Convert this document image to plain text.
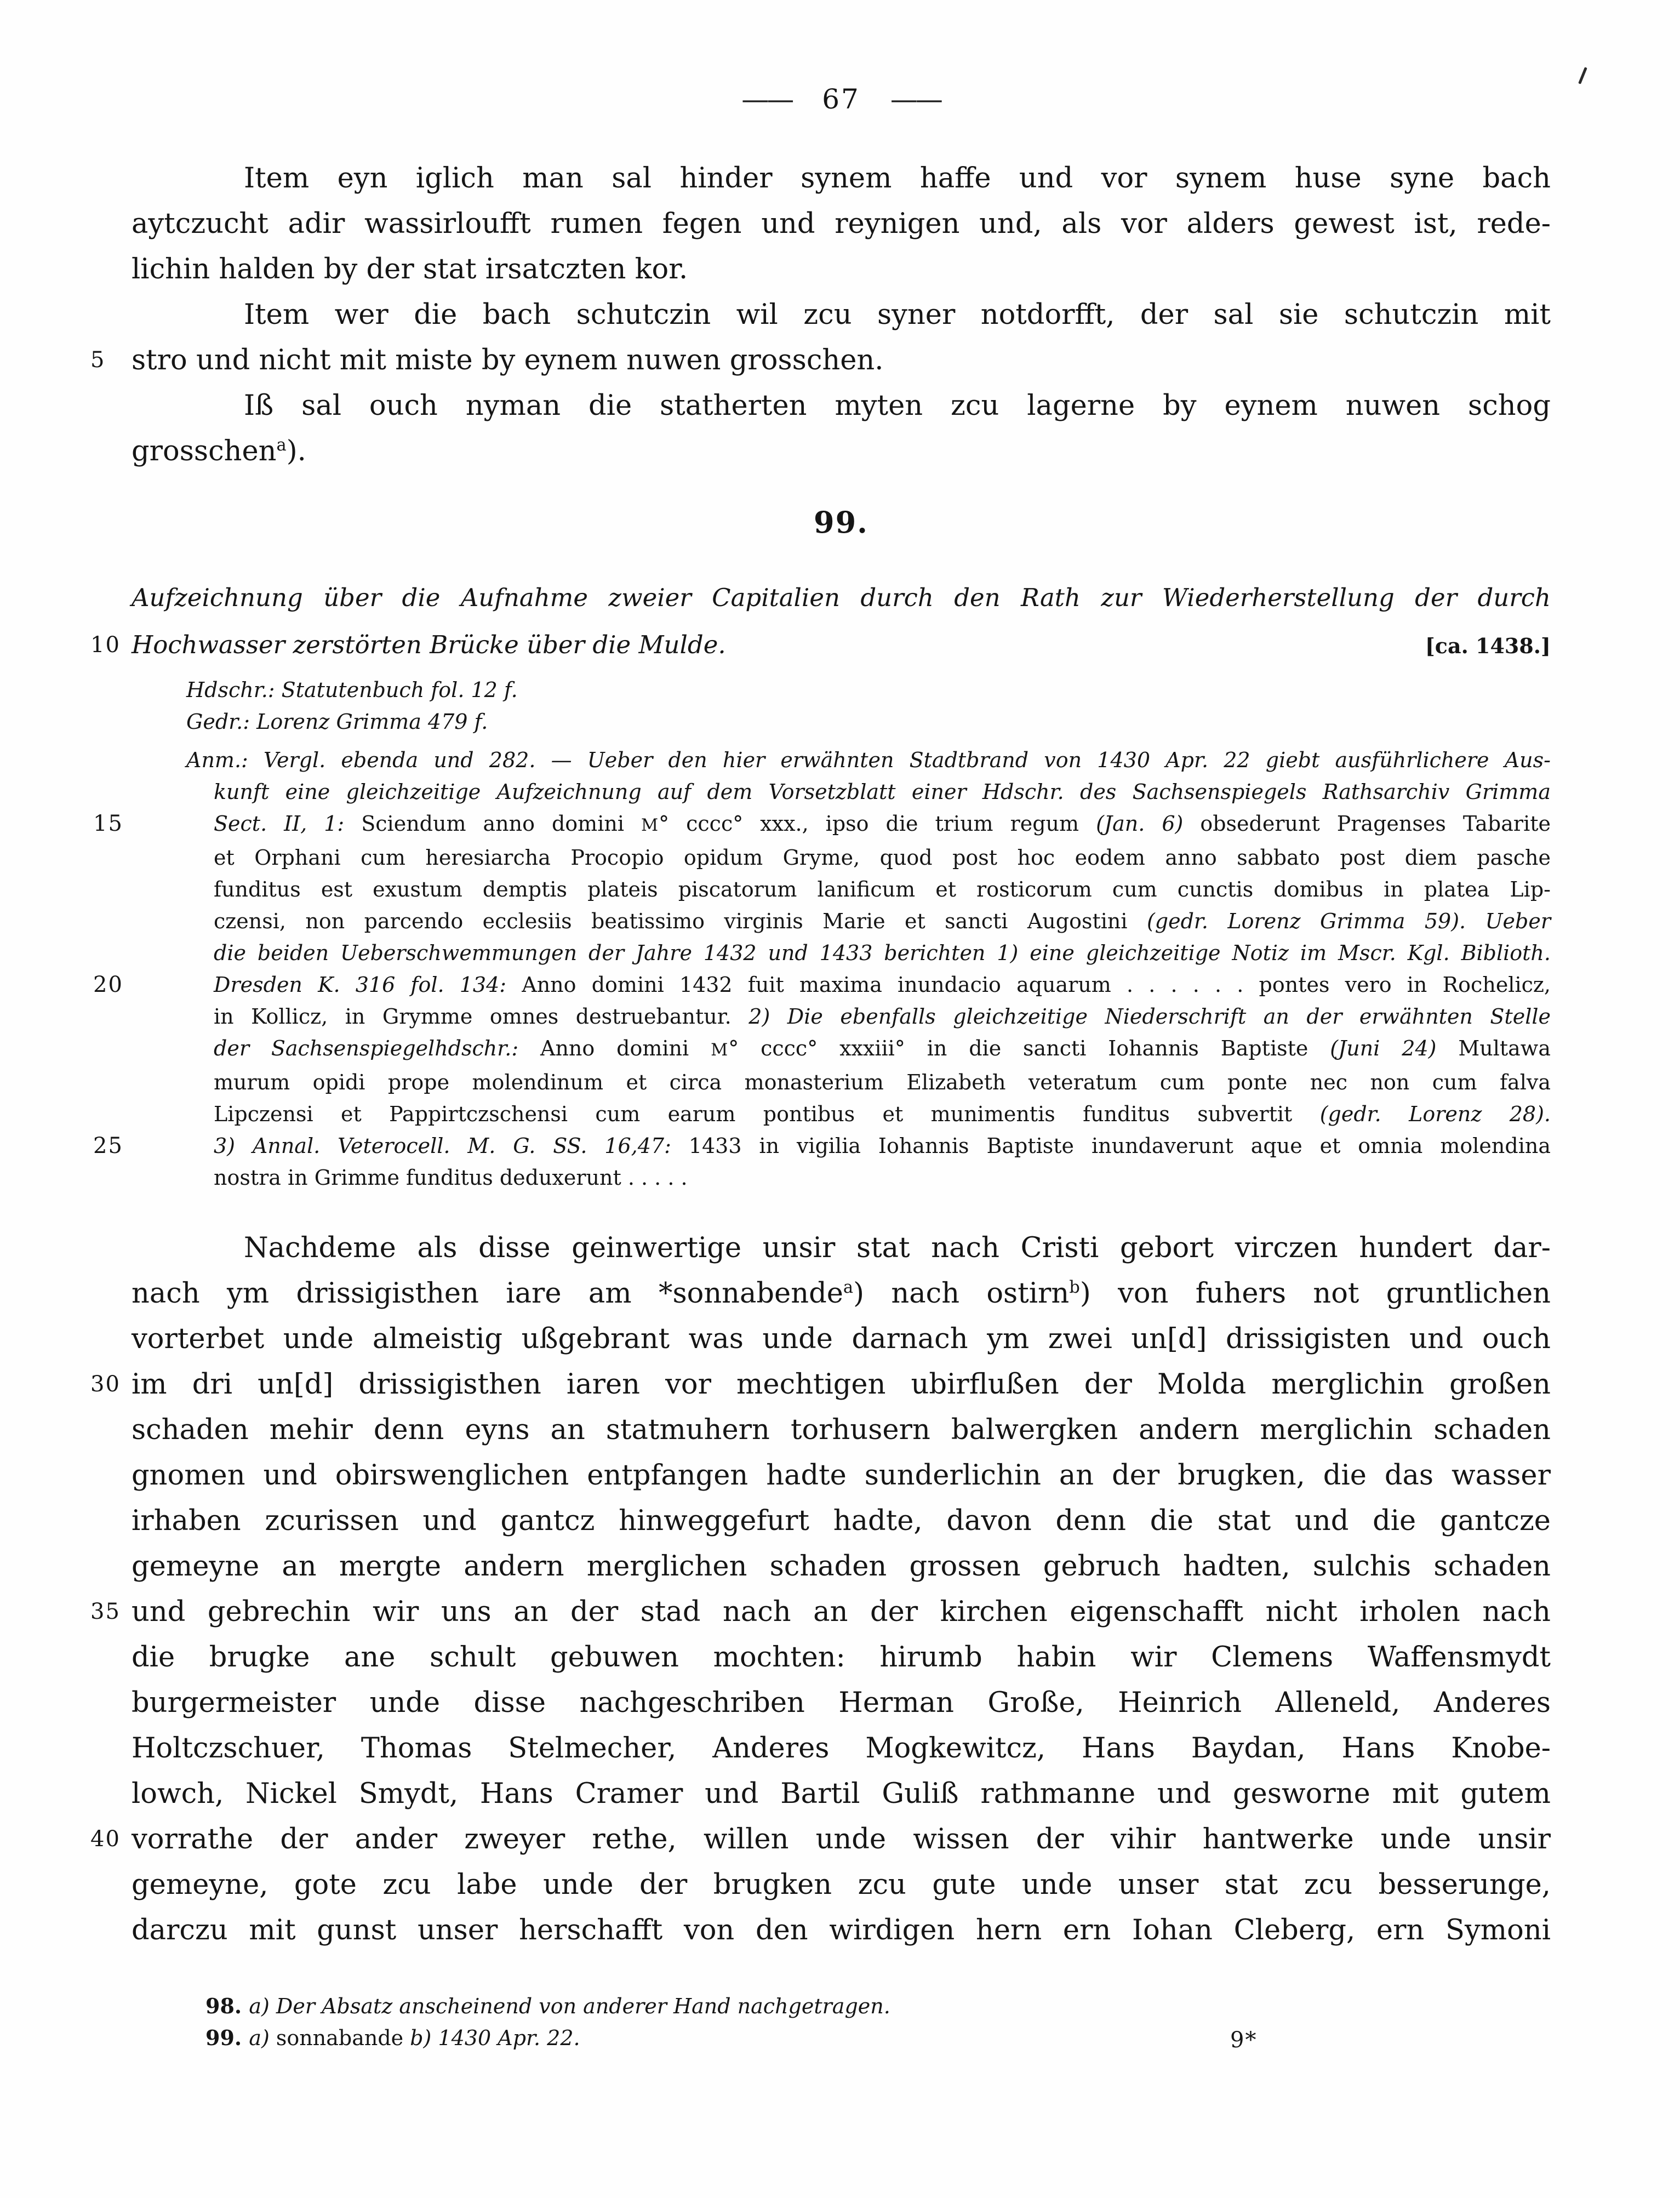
—— 67 ——
Item eyn iglich man sal hinder synem haffe und vor synem huse syne bach
aytczucht adir wassirloufft rumen fegen und reynigen und, als vor alders gewest ist, rede-
lichin halden by der stat irsatczten kor.
Item wer die bach schutczin wil zcu syner notdorfft, der sal sie schutczin mit
5 stro und nicht mit miste by eynem nuwen grosschen.
Iß sal ouch nyman die statherten myten zcu lagerne by eynem nuwen schog
grosschen$^a$).
99.
Aufzeichnung über die Aufnahme zweier Capitalien durch den Rath zur Wiederherstellung der durch
10 Hochwasser zerstörten Brücke über die Mulde.	[ca. 1438.]
Hdschr.: Statutenbuch fol. 12 f.
Gedr.: Lorenz Grimma 479 f.
Anm.: Vergl. ebenda und 282. — Ueber den hier erwähnten Stadtbrand von 1430 Apr. 22 giebt ausführlichere Aus-
kunft eine gleichzeitige Aufzeichnung auf dem Vorsetzblatt einer Hdschr. des Sachsenspiegels Rathsarchiv Grimma
15	Sect. II, 1: Sciendum anno domini M° cccc° xxx., ipso die trium regum (Jan. 6) obsederunt Pragenses Tabarite
et Orphani cum heresiarcha Procopio opidum Gryme, quod post hoc eodem anno sabbato post diem pasche
funditus est exustum demptis plateis piscatorum lanificum et rosticorum cum cunctis domibus in platea Lip-
czensi, non parcendo ecclesiis beatissimo virginis Marie et sancti Augostini (gedr. Lorenz Grimma 59). Ueber
die beiden Ueberschwemmungen der Jahre 1432 und 1433 berichten 1) eine gleichzeitige Notiz im Mscr. Kgl. Biblioth.
20	Dresden K. 316 fol. 134: Anno domini 1432 fuit maxima inundacio aquarum . . . . . . pontes vero in Rochelicz,
in Kollicz, in Grymme omnes destruebantur. 2) Die ebenfalls gleichzeitige Niederschrift an der erwähnten Stelle
der Sachsenspiegelhdschr.: Anno domini M° cccc° xxxiii° in die sancti Iohannis Baptiste (Juni 24) Multawa
murum opidi prope molendinum et circa monasterium Elizabeth veteratum cum ponte nec non cum falva
Lipczensi et Pappirtczschensi cum earum pontibus et munimentis funditus subvertit (gedr. Lorenz 28).
25	3) Annal. Veterocell. M. G. SS. 16,47: 1433 in vigilia Iohannis Baptiste inundaverunt aque et omnia molendina
nostra in Grimme funditus deduxerunt . . . . .
Nachdeme als disse geinwertige unsir stat nach Cristi gebort virczen hundert dar-
nach ym drissigisthen iare am *sonnabende$^a$) nach ostirn$^b$) von fuhers not gruntlichen
vorterbet unde almeistig ußgebrant was unde darnach ym zwei un[d] drissigisten und ouch
30 im dri un[d] drissigisthen iaren vor mechtigen ubirflußen der Molda merglichin großen
schaden mehir denn eyns an statmuhern torhusern balwergken andern merglichin schaden
gnomen und obirswenglichen entpfangen hadte sunderlichin an der brugken, die das wasser
irhaben zcurissen und gantcz hinweggefurt hadte, davon denn die stat und die gantcze
gemeyne an mergte andern merglichen schaden grossen gebruch hadten, sulchis schaden
35 und gebrechin wir uns an der stad nach an der kirchen eigenschafft nicht irholen nach
die brugke ane schult gebuwen mochten: hirumb habin wir Clemens Waffensmydt
burgermeister unde disse nachgeschriben Herman Große, Heinrich Alleneld, Anderes
Holtczschuer, Thomas Stelmecher, Anderes Mogkewitcz, Hans Baydan, Hans Knobe-
lowch, Nickel Smydt, Hans Cramer und Bartil Guliß rathmanne und gesworne mit gutem
40 vorrathe der ander zweyer rethe, willen unde wissen der vihir hantwerke unde unsir
gemeyne, gote zcu labe unde der brugken zcu gute unde unser stat zcu besserunge,
darczu mit gunst unser herschafft von den wirdigen hern ern Iohan Cleberg, ern Symoni
98. a) Der Absatz anscheinend von anderer Hand nachgetragen.
99. a) sonnabande b) 1430 Apr. 22.	9*
